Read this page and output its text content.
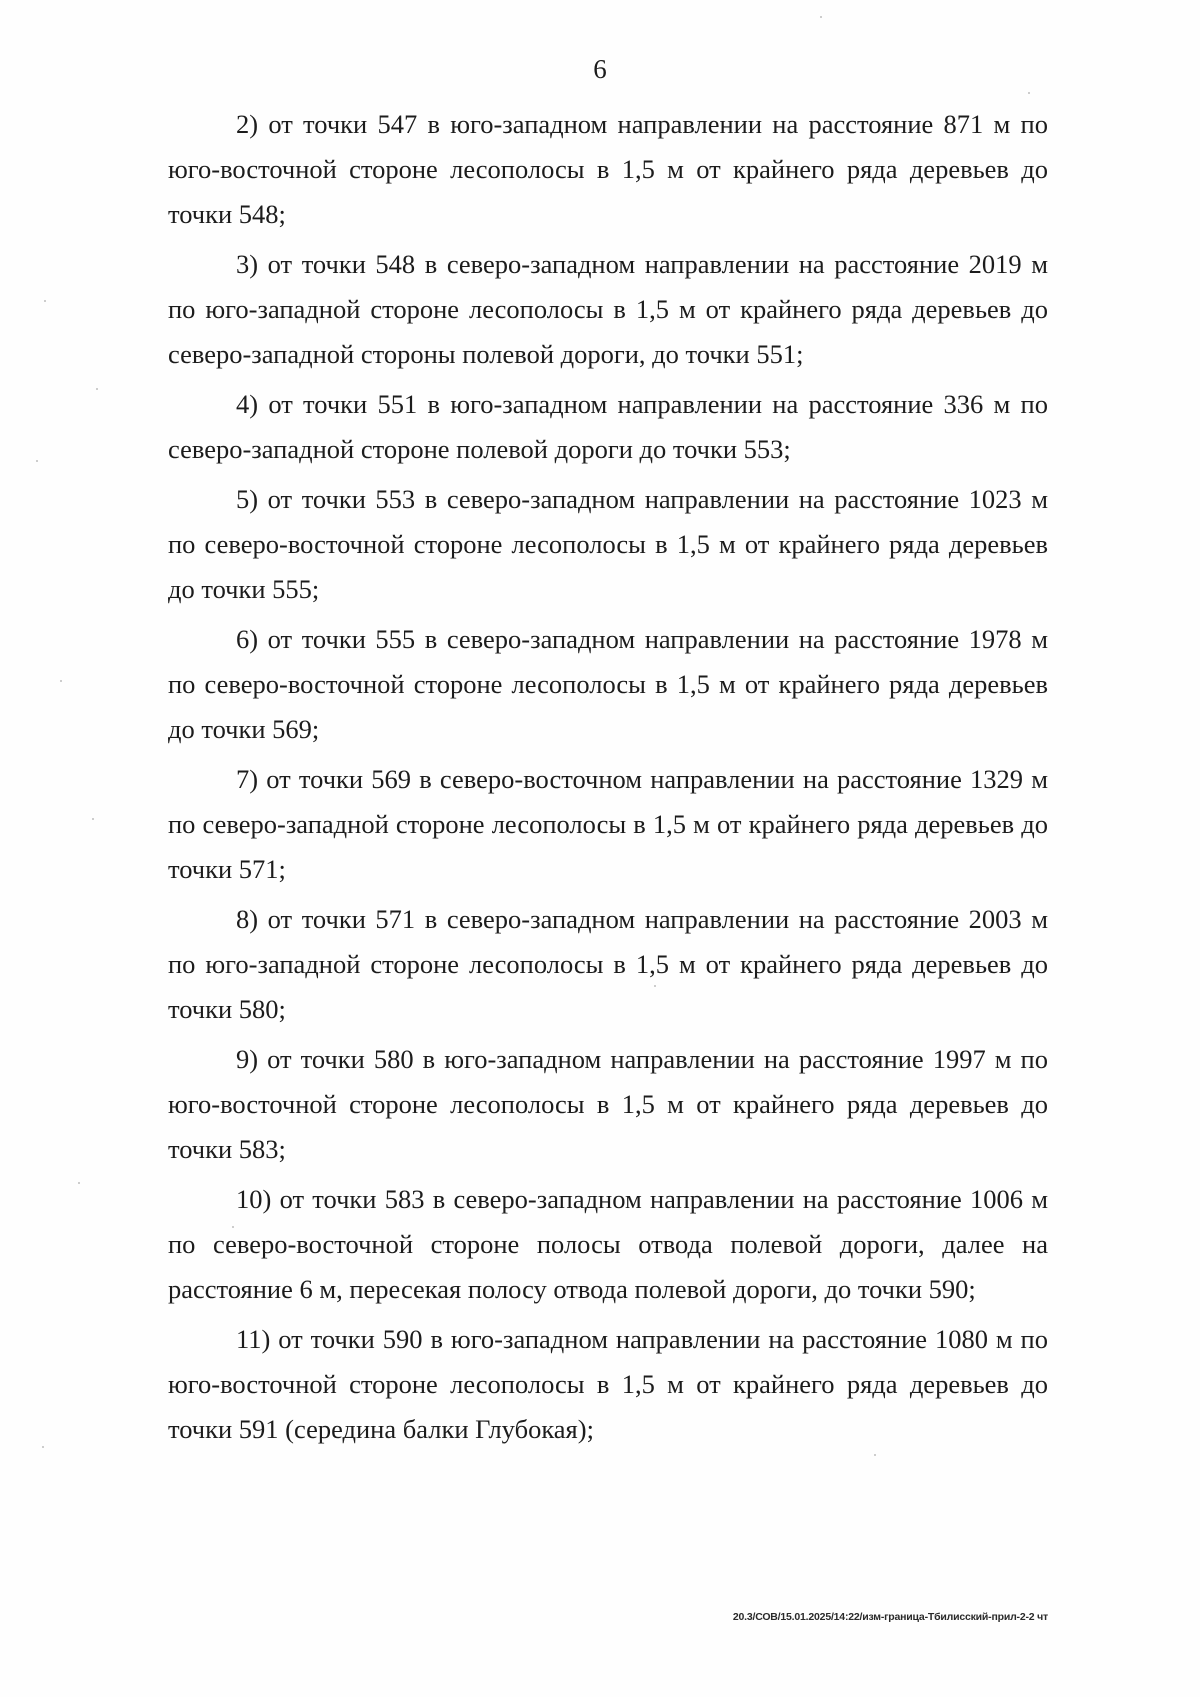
6

2) от точки 547 в юго-западном направлении на расстояние 871 м по юго-восточной стороне лесополосы в 1,5 м от крайнего ряда деревьев до точки 548;

3) от точки 548 в северо-западном направлении на расстояние 2019 м по юго-западной стороне лесополосы в 1,5 м от крайнего ряда деревьев до северо-западной стороны полевой дороги, до точки 551;

4) от точки 551 в юго-западном направлении на расстояние 336 м по северо-западной стороне полевой дороги до точки 553;

5) от точки 553 в северо-западном направлении на расстояние 1023 м по северо-восточной стороне лесополосы в 1,5 м от крайнего ряда деревьев до точки 555;

6) от точки 555 в северо-западном направлении на расстояние 1978 м по северо-восточной стороне лесополосы в 1,5 м от крайнего ряда деревьев до точки 569;

7) от точки 569 в северо-восточном направлении на расстояние 1329 м по северо-западной стороне лесополосы в 1,5 м от крайнего ряда деревьев до точки 571;

8) от точки 571 в северо-западном направлении на расстояние 2003 м по юго-западной стороне лесополосы в 1,5 м от крайнего ряда деревьев до точки 580;

9) от точки 580 в юго-западном направлении на расстояние 1997 м по юго-восточной стороне лесополосы в 1,5 м от крайнего ряда деревьев до точки 583;

10) от точки 583 в северо-западном направлении на расстояние 1006 м по северо-восточной стороне полосы отвода полевой дороги, далее на расстояние 6 м, пересекая полосу отвода полевой дороги, до точки 590;

11) от точки 590 в юго-западном направлении на расстояние 1080 м по юго-восточной стороне лесополосы в 1,5 м от крайнего ряда деревьев до точки 591 (середина балки Глубокая);

20.3/СОВ/15.01.2025/14:22/изм-граница-Тбилисский-прил-2-2 чт
